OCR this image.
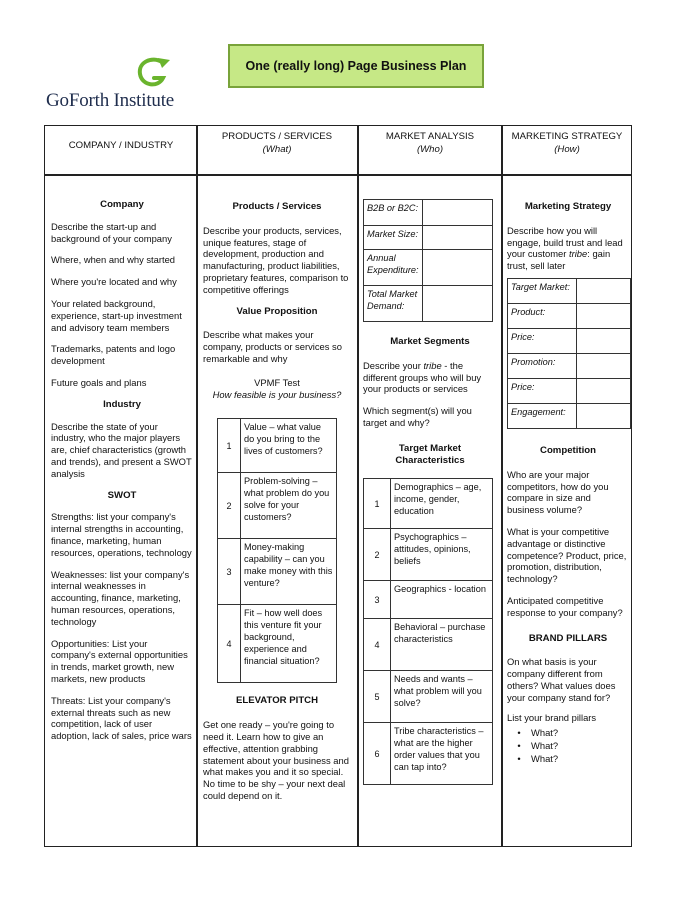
GoForth Institute
One (really long) Page Business Plan
COMPANY / INDUSTRY
PRODUCTS / SERVICES
(What)
MARKET ANALYSIS
(Who)
MARKETING STRATEGY
(How)
Company

Describe the start-up and background of your company

Where, when and why started

Where you're located and why

Your related background, experience, start-up investment and advisory team members

Trademarks, patents and logo development

Future goals and plans

Industry

Describe the state of your industry, who the major players are, chief characteristics (growth and trends), and present a SWOT analysis

SWOT

Strengths: list your company's internal strengths in accounting, finance, marketing, human resources, operations, technology

Weaknesses: list your company's internal weaknesses in accounting, finance, marketing, human resources, operations, technology

Opportunities: List your company's external opportunities in trends, market growth, new markets, new products

Threats: List your company's external threats such as new competition, lack of user adoption, lack of sales, price wars

Products / Services

Describe your products, services, unique features, stage of development, production and manufacturing, product liabilities, proprietary features, comparison to competitive offerings

Value Proposition

Describe what makes your company, products or services so remarkable and why

VPMF Test
How feasible is your business?
1	Value – what value do you bring to the lives of customers?
2	Problem-solving – what problem do you solve for your customers?
3	Money-making capability – can you make money with this venture?
4	Fit – how well does this venture fit your background, experience and financial situation?
ELEVATOR PITCH

Get one ready – you're going to need it. Learn how to give an effective, attention grabbing statement about your business and what makes you and it so special. No time to be shy – your next deal could depend on it.

B2B or B2C:	
Market Size:	
Annual Expenditure:	
Total Market Demand:	
Market Segments

Describe your tribe - the different groups who will buy your products or services

Which segment(s) will you target and why?

Target Market Characteristics
1	Demographics – age, income, gender, education
2	Psychographics – attitudes, opinions, beliefs
3	Geographics - location
4	Behavioral – purchase characteristics
5	Needs and wants – what problem will you solve?
6	Tribe characteristics – what are the higher order values that you can tap into?
Marketing Strategy

Describe how you will engage, build trust and lead your customer tribe: gain trust, sell later

Target Market:	
Product:	
Price:	
Promotion:	
Price:	
Engagement:	
Competition

Who are your major competitors, how do you compare in size and business volume?

What is your competitive advantage or distinctive competence? Product, price, promotion, distribution, technology?

Anticipated competitive response to your company?

BRAND PILLARS

On what basis is your company different from others? What values does your company stand for?

List your brand pillars
• What?
• What?
• What?
